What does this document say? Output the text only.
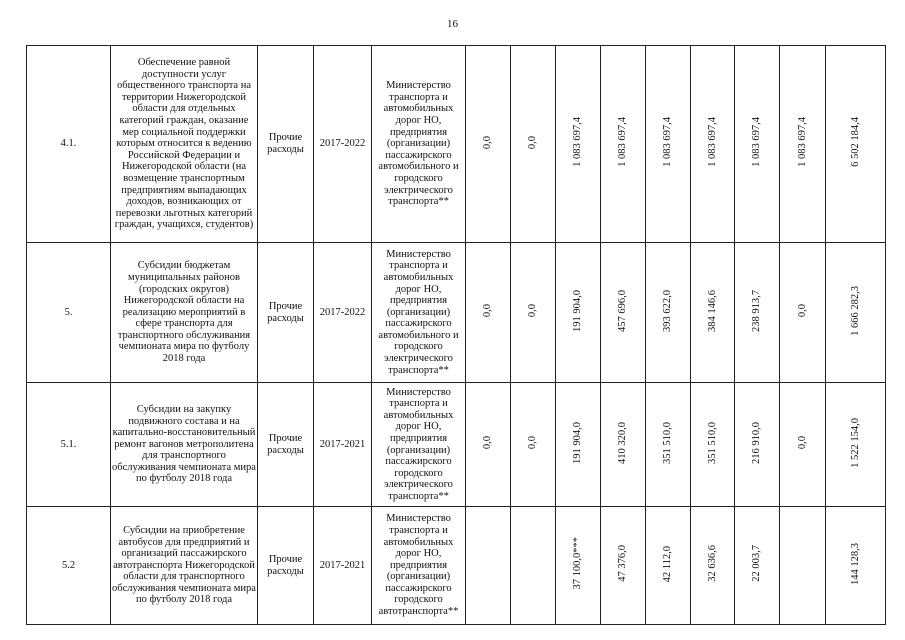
16
4.1.	Обеспечение равной доступности услуг общественного транспорта на территории Нижегородской области для отдельных категорий граждан, оказание мер социальной поддержки которым относится к ведению Российской Федерации и Нижегородской области (на возмещение транспортным предприятиям выпадающих доходов, возникающих от перевозки льготных категорий граждан, учащихся, студентов)	Прочие расходы	2017-2022	Министерство транспорта и автомобильных дорог НО, предприятия (организации) пассажирского автомобильного и городского электрического транспорта**	0,0	0,0	1 083 697,4	1 083 697,4	1 083 697,4	1 083 697,4	1 083 697,4	1 083 697,4	6 502 184,4
5.	Субсидии бюджетам муниципальных районов (городских округов) Нижегородской области на реализацию мероприятий в сфере транспорта для транспортного обслуживания чемпионата мира по футболу 2018 года	Прочие расходы	2017-2022	Министерство транспорта и автомобильных дорог НО, предприятия (организации) пассажирского автомобильного и городского электрического транспорта**	0,0	0,0	191 904,0	457 696,0	393 622,0	384 146,6	238 913,7	0,0	1 666 282,3
5.1.	Субсидии на закупку подвижного состава и на капитально-восстановительный ремонт вагонов метрополитена для транспортного обслуживания чемпионата мира по футболу 2018 года	Прочие расходы	2017-2021	Министерство транспорта и автомобильных дорог НО, предприятия (организации) пассажирского городского электрического транспорта**	0,0	0,0	191 904,0	410 320,0	351 510,0	351 510,0	216 910,0	0,0	1 522 154,0
5.2	Субсидии на приобретение автобусов для предприятий и организаций пассажирского автотранспорта Нижегородской области для транспортного обслуживания чемпионата мира по футболу 2018 года	Прочие расходы	2017-2021	Министерство транспорта и автомобильных дорог НО, предприятия (организации) пассажирского городского автотранспорта**			37 100,0***	47 376,0	42 112,0	32 636,6	22 003,7		144 128,3
